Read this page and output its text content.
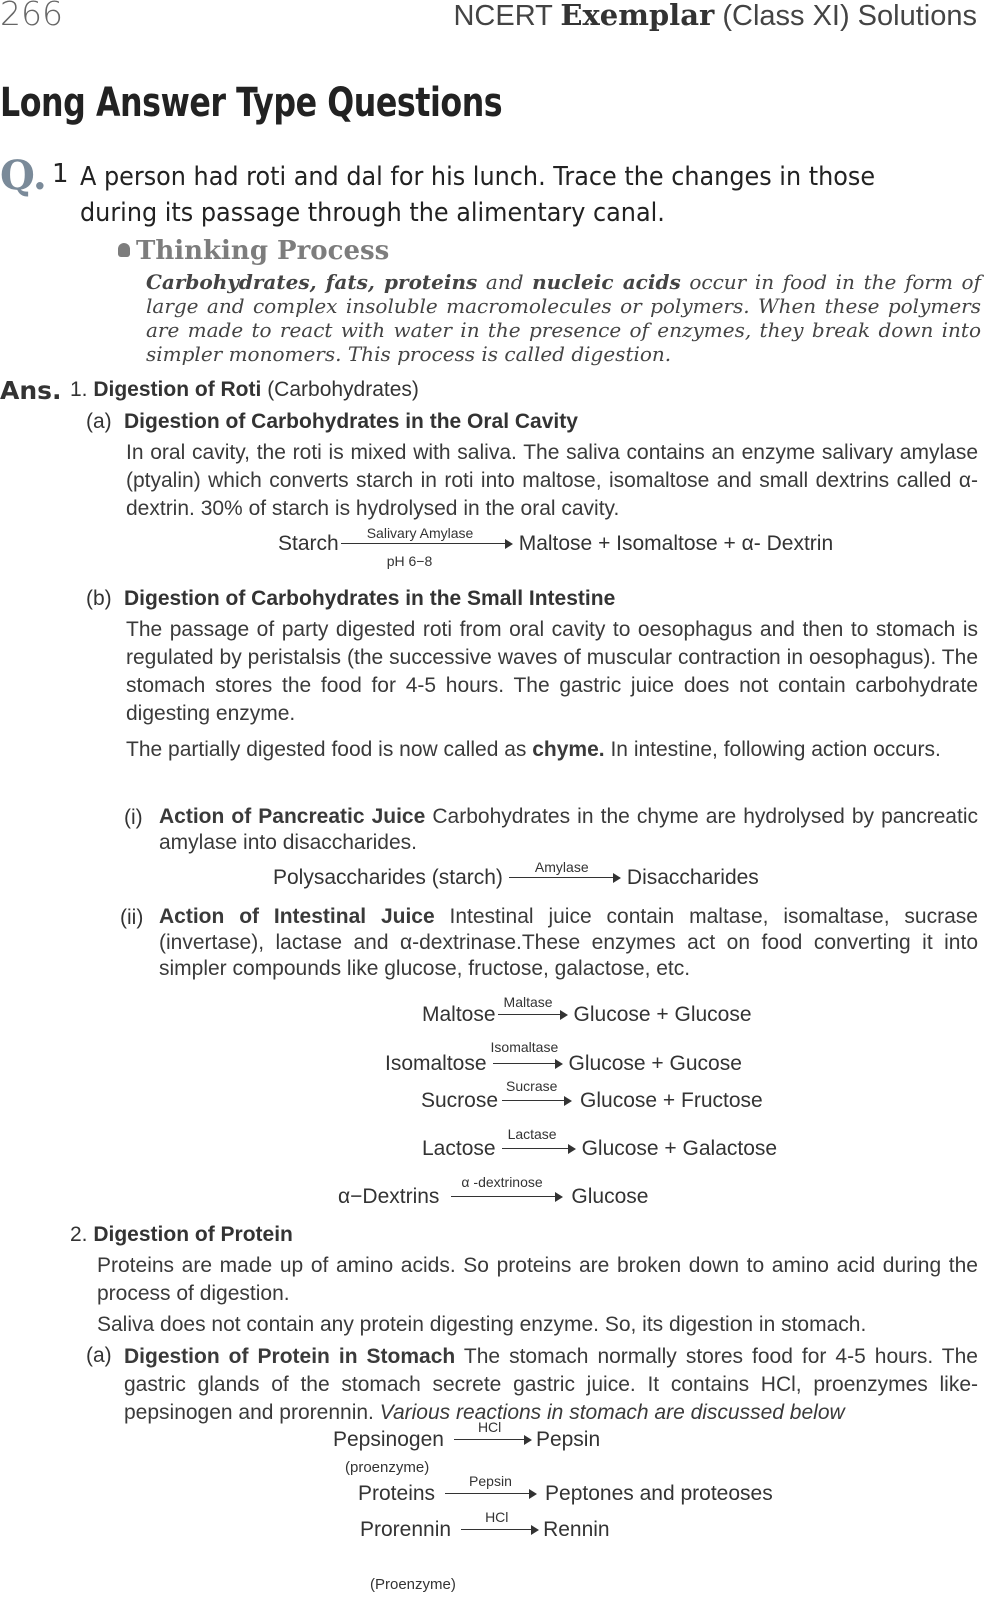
266	NCERT Exemplar (Class XI) Solutions
Long Answer Type Questions
Q. 1 A person had roti and dal for his lunch. Trace the changes in those during its passage through the alimentary canal.
Thinking Process
Carbohydrates, fats, proteins and nucleic acids occur in food in the form of large and complex insoluble macromolecules or polymers. When these polymers are made to react with water in the presence of enzymes, they break down into simpler monomers. This process is called digestion.
Ans. 1. Digestion of Roti (Carbohydrates)
(a) Digestion of Carbohydrates in the Oral Cavity
In oral cavity, the roti is mixed with saliva. The saliva contains an enzyme salivary amylase (ptyalin) which converts starch in roti into maltose, isomaltose and small dextrins called α-dextrin. 30% of starch is hydrolysed in the oral cavity.
Starch Salivary Amylase
pH 6−8
Maltose + Isomaltose + α- Dextrin
(b) Digestion of Carbohydrates in the Small Intestine
The passage of party digested roti from oral cavity to oesophagus and then to stomach is regulated by peristalsis (the successive waves of muscular contraction in oesophagus). The stomach stores the food for 4-5 hours. The gastric juice does not contain carbohydrate digesting enzyme.
The partially digested food is now called as chyme. In intestine, following action occurs.
(i) Action of Pancreatic Juice Carbohydrates in the chyme are hydrolysed by pancreatic amylase into disaccharides.
Polysaccharides (starch) Amylase Disaccharides
(ii) Action of Intestinal Juice Intestinal juice contain maltase, isomaltase, sucrase (invertase), lactase and α-dextrinase.These enzymes act on food converting it into simpler compounds like glucose, fructose, galactose, etc.
Maltose
Maltase
Glucose + Glucose
Isomaltose
Isomaltase
Glucose + Gucose
Sucrose
Sucrase
Glucose + Fructose
Lactose
Lactase
Glucose + Galactose
α−Dextrins
α -dextrinose
Glucose
2. Digestion of Protein
Proteins are made up of amino acids. So proteins are broken down to amino acid during the process of digestion.
Saliva does not contain any protein digesting enzyme. So, its digestion in stomach.
(a) Digestion of Protein in Stomach The stomach normally stores food for 4-5 hours. The gastric glands of the stomach secrete gastric juice. It contains HCl, proenzymes like- pepsinogen and prorennin. Various reactions in stomach are discussed below
Pepsinogen
HCl
Pepsin
(proenzyme)
Proteins
Pepsin
Peptones and proteoses
Prorennin
HCl
Rennin
(Proenzyme)
